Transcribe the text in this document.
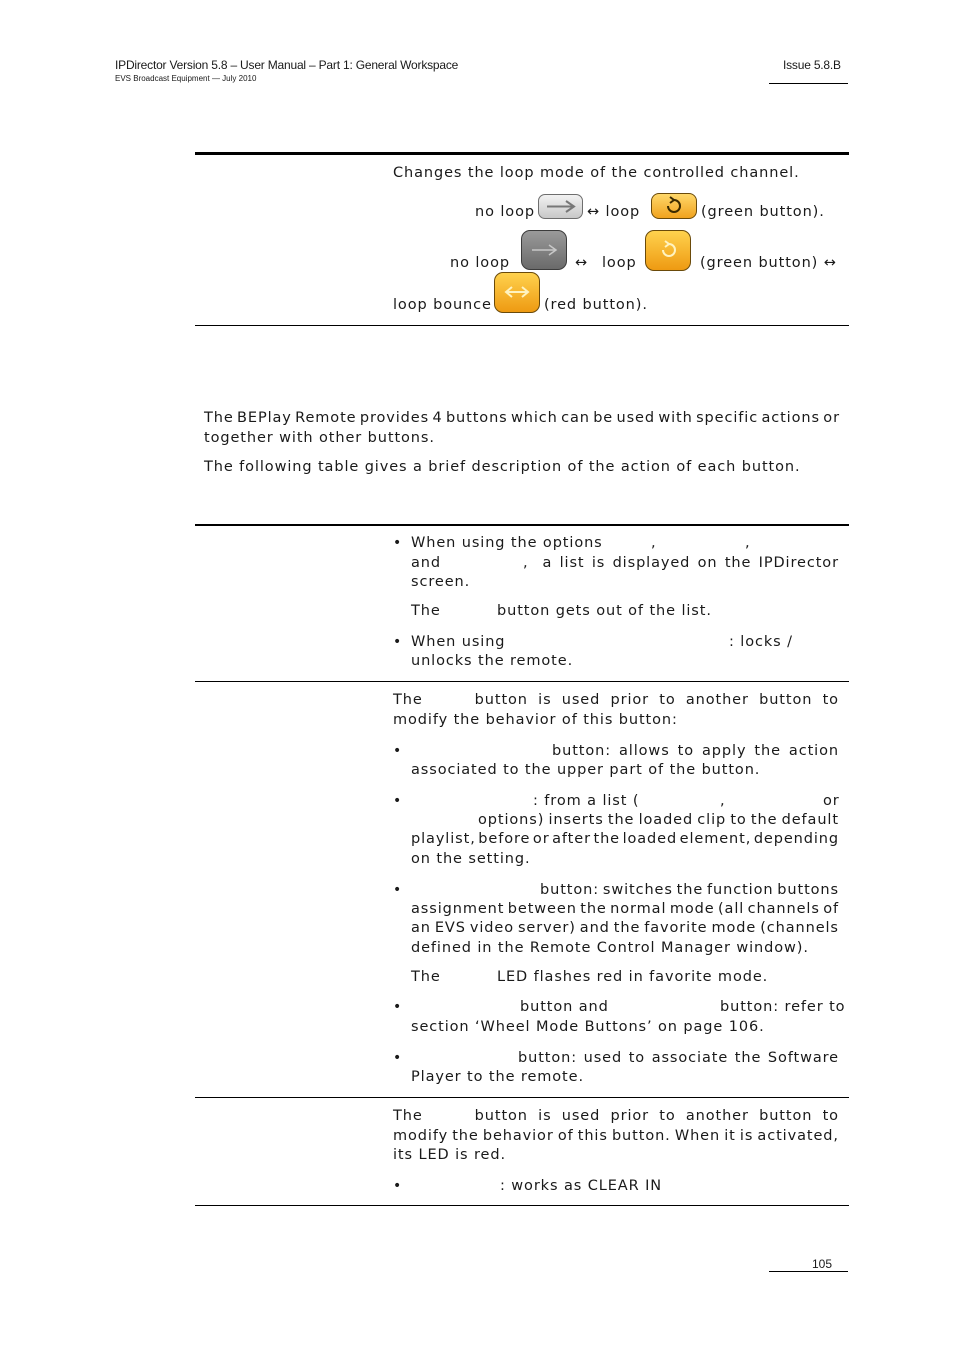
IPDirector Version 5.8 – User Manual – Part 1: General Workspace
EVS Broadcast Equipment — July 2010
Issue 5.8.B
Changes the loop mode of the controlled channel.
no loop	↔ loop	(green button).
no loop	↔ loop	(green button) ↔
loop bounce	(red button).
The BEPlay Remote provides 4 buttons which can be used with specific actions or
together with other buttons.
The following table gives a brief description of the action of each button.
• When using the options	,	,
and	, a list is displayed on the IPDirector
screen.
The	button gets out of the list.
• When using	: locks /
unlocks the remote.
The	button is used prior to another button to
modify the behavior of this button:
•	button: allows to apply the action
associated to the upper part of the button.
•	: from a list (	,	or
options) inserts the loaded clip to the default
playlist, before or after the loaded element, depending
on the setting.
•	button: switches the function buttons
assignment between the normal mode (all channels of
an EVS video server) and the favorite mode (channels
defined in the Remote Control Manager window).
The	LED flashes red in favorite mode.
•	button and	button: refer to
section ‘Wheel Mode Buttons’ on page 106.
•	button: used to associate the Software
Player to the remote.
The	button is used prior to another button to
modify the behavior of this button. When it is activated,
its LED is red.
•	: works as CLEAR IN
105
